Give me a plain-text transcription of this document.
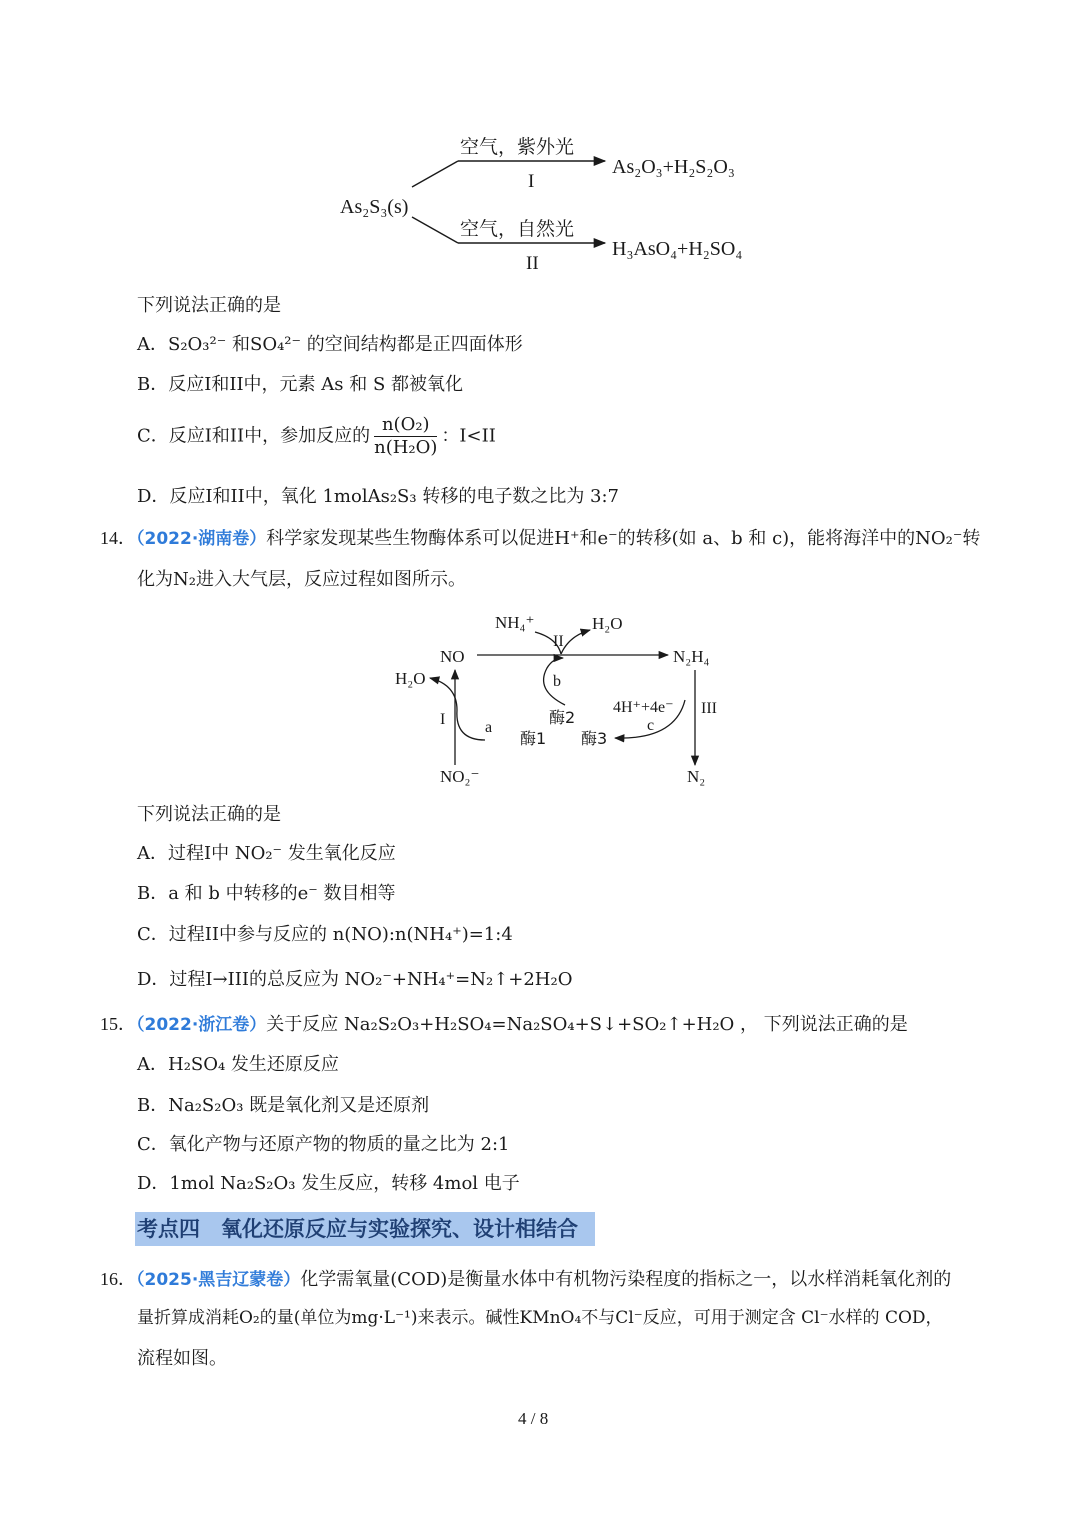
As₂S₃(s)
空气，紫外光
I
As₂O₃+H₂S₂O₃
空气，自然光
II
H₃AsO₄+H₂SO₄
下列说法正确的是
A．S₂O₃²⁻ 和SO₄²⁻ 的空间结构都是正四面体形
B．反应I和II中，元素 As 和 S 都被氧化
C．反应I和II中，参加反应的 $\frac{\text{n(O₂)}}{\text{n(H₂O)}}$ ：I<II
D．反应I和II中，氧化 1molAs₂S₃ 转移的电子数之比为 3:7
14．（2022·湖南卷）科学家发现某些生物酶体系可以促进H⁺和e⁻的转移(如 a、b 和 c)，能将海洋中的NO₂⁻转
化为N₂进入大气层，反应过程如图所示。
NH₄⁺	H₂O
NO	N₂H₄
II
H₂O	b
I a
酶2
4H⁺+4e⁻ III
c
酶1 酶3
NO₂⁻	N₂
下列说法正确的是
A．过程I中 NO₂⁻ 发生氧化反应
B．a 和 b 中转移的e⁻ 数目相等
C．过程II中参与反应的 n(NO):n(NH₄⁺)=1:4
D．过程I→III的总反应为 NO₂⁻+NH₄⁺=N₂↑+2H₂O
15．（2022·浙江卷）关于反应 Na₂S₂O₃+H₂SO₄=Na₂SO₄+S↓+SO₂↑+H₂O ， 下列说法正确的是
A．H₂SO₄ 发生还原反应
B．Na₂S₂O₃ 既是氧化剂又是还原剂
C．氧化产物与还原产物的物质的量之比为 2:1
D．1mol Na₂S₂O₃ 发生反应，转移 4mol 电子
考点四　氧化还原反应与实验探究、设计相结合
16．（2025·黑吉辽蒙卷）化学需氧量(COD)是衡量水体中有机物污染程度的指标之一，以水样消耗氧化剂的
量折算成消耗O₂的量(单位为mg·L⁻¹)来表示。碱性KMnO₄不与Cl⁻反应，可用于测定含 Cl⁻水样的 COD，
流程如图。
4 / 8
